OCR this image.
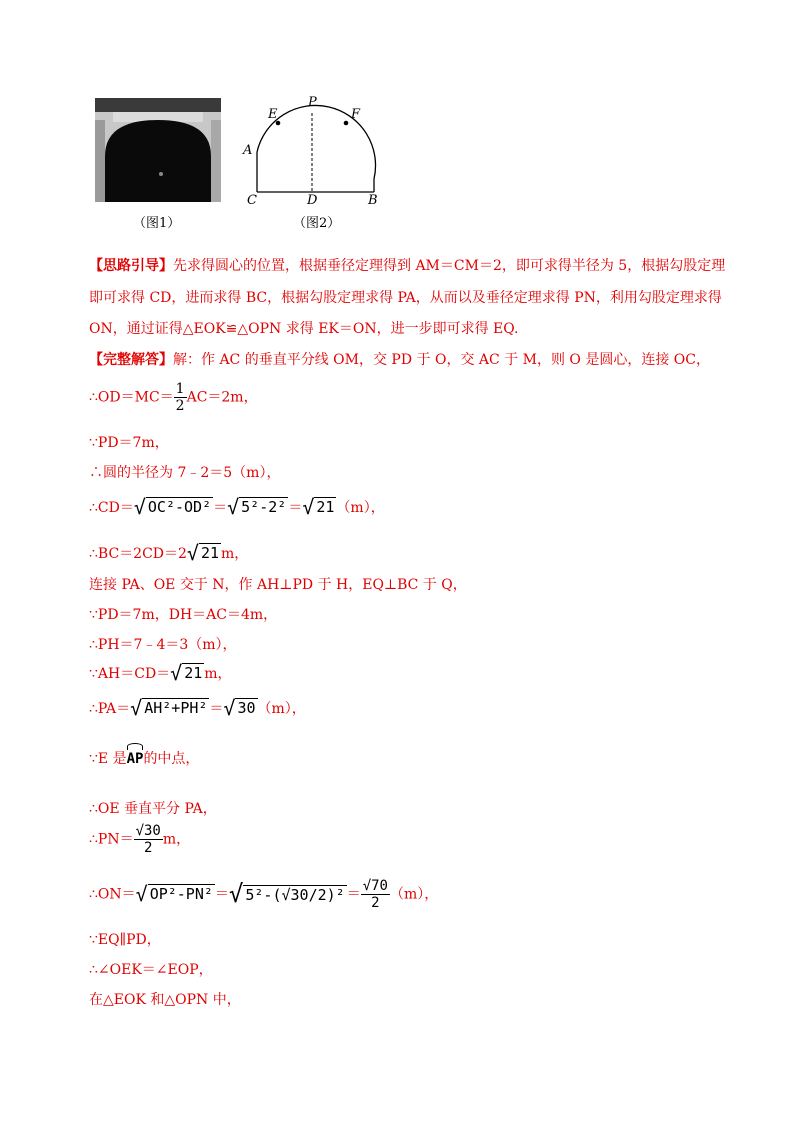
（图1）
P
E	F
A
C	D	B
（图2）
【思路引导】先求得圆心的位置，根据垂径定理得到 AM＝CM＝2，即可求得半径为 5，根据勾股定理
即可求得 CD，进而求得 BC，根据勾股定理求得 PA，从而以及垂径定理求得 PN，利用勾股定理求得
ON，通过证得△EOK≌△OPN 求得 EK＝ON，进一步即可求得 EQ.
【完整解答】解：作 AC 的垂直平分线 OM，交 PD 于 O，交 AC 于 M，则 O 是圆心，连接 OC，
∴OD＝MC＝ $\frac{1}{2} AC=2m$，
∵PD＝7m，
∴圆的半径为 7﹣2＝5（m），
∴CD＝√ OC²-OD² ＝√ 5²-2² ＝√ 21 （m），
∴BC＝2CD＝2√ 21 m，
连接 PA、OE 交于 N，作 AH⊥PD 于 H，EQ⊥BC 于 Q，
∵PD＝7m，DH＝AC＝4m，
∴PH＝7﹣4＝3（m），
∵AH＝CD＝√ 21 m，
∴PA＝√ AH²+PH² ＝√ 30 （m），
∵E 是
AP的中点，
∴OE 垂直平分 PA，
∴PN＝ $\frac{√30}{2}$ m，
∴ON＝√ OP²-PN² ＝√ $5^2-(√30/2)^2 = \frac{√70}{2} (m)$，
∵EQ∥PD，
∴∠OEK＝∠EOP，
在△EOK 和△OPN 中，
